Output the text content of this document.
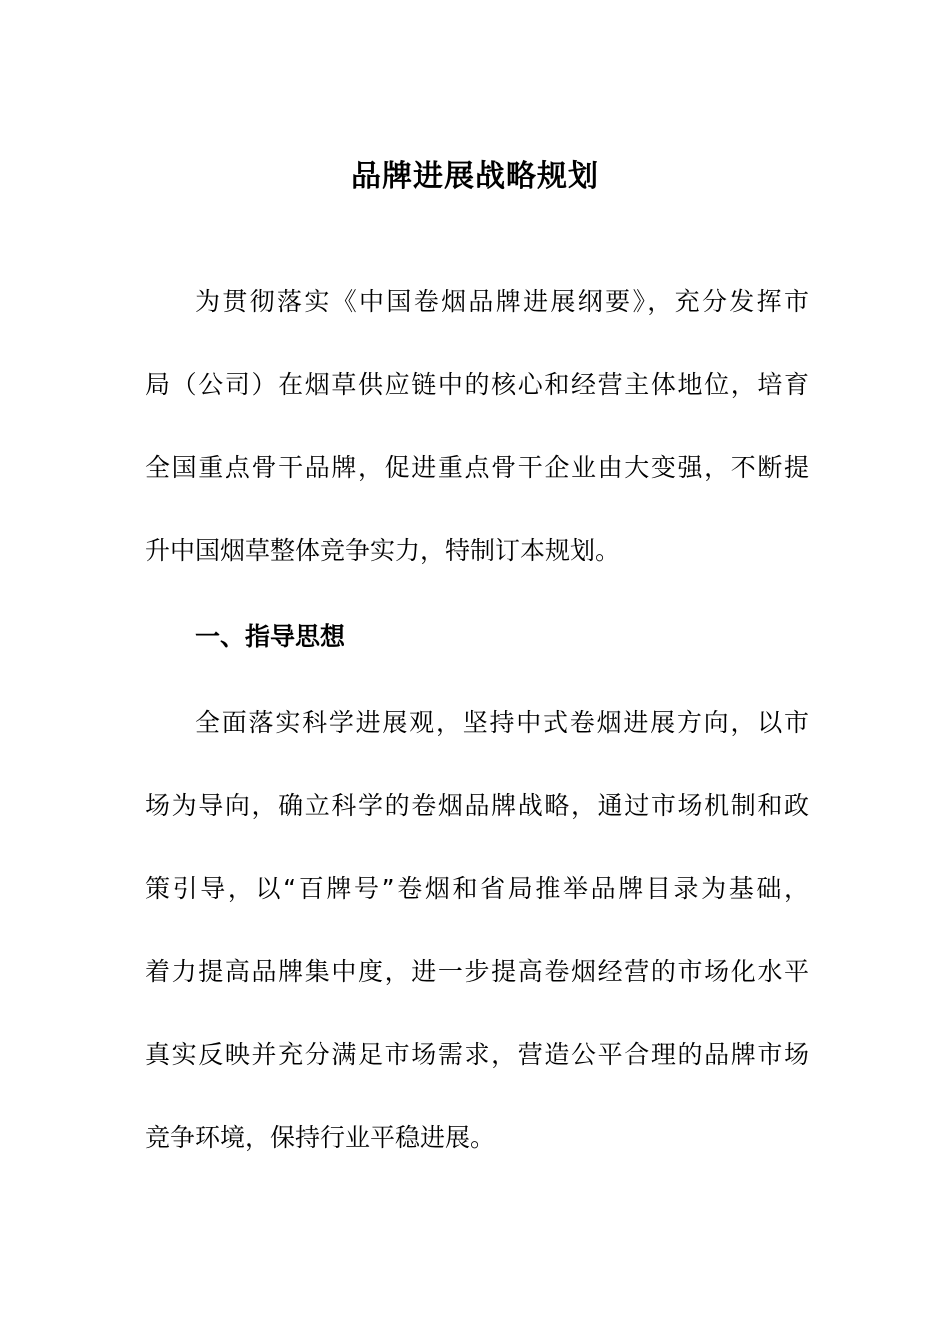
品牌进展战略规划
为贯彻落实《中国卷烟品牌进展纲要》，充分发挥市
局（公司）在烟草供应链中的核心和经营主体地位，培育
全国重点骨干品牌，促进重点骨干企业由大变强，不断提
升中国烟草整体竞争实力，特制订本规划。
一、指导思想
全面落实科学进展观，坚持中式卷烟进展方向，以市
场为导向，确立科学的卷烟品牌战略，通过市场机制和政
策引导，以“百牌号”卷烟和省局推举品牌目录为基础，
着力提高品牌集中度，进一步提高卷烟经营的市场化水平
真实反映并充分满足市场需求，营造公平合理的品牌市场
竞争环境，保持行业平稳进展。
